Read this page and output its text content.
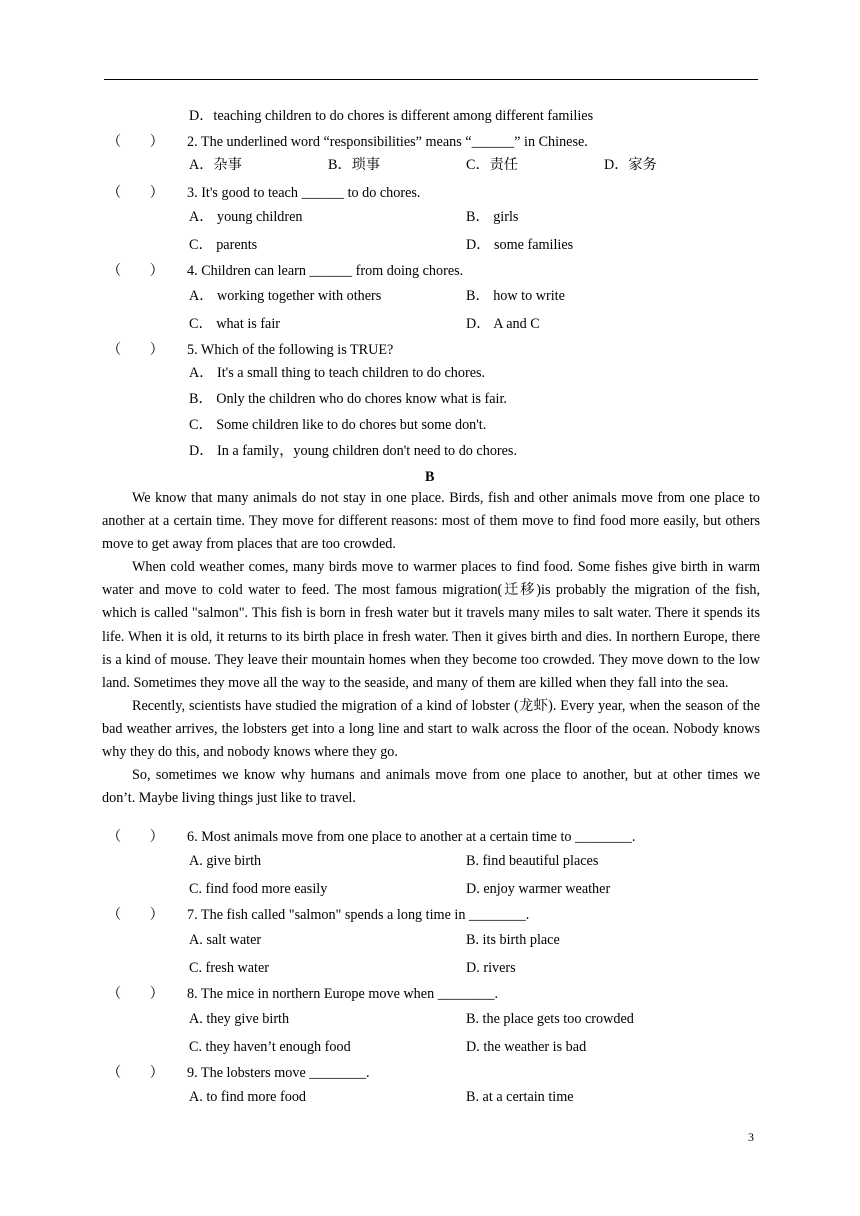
D．teaching children to do chores is different among different families
（　　） 2. The underlined word “responsibilities” means “______” in Chinese.
A．杂事	B．琐事	C．责任	D．家务
（　　） 3. It's good to teach ______ to do chores.
A． young children	B． girls
C． parents	D． some families
（　　） 4. Children can learn ______ from doing chores.
A． working together with others	B． how to write
C． what is fair	D． A and C
（　　） 5. Which of the following is TRUE?
A． It's a small thing to teach children to do chores.
B． Only the children who do chores know what is fair.
C． Some children like to do chores but some don't.
D． In a family，young children don't need to do chores.
B

We know that many animals do not stay in one place. Birds, fish and other animals move from one place to another at a certain time. They move for different reasons: most of them move to find food more easily, but others move to get away from places that are too crowded.

When cold weather comes, many birds move to warmer places to find food. Some fishes give birth in warm water and move to cold water to feed. The most famous migration(迁移)is probably the migration of the fish, which is called "salmon". This fish is born in fresh water but it travels many miles to salt water. There it spends its life. When it is old, it returns to its birth place in fresh water. Then it gives birth and dies. In northern Europe, there is a kind of mouse. They leave their mountain homes when they become too crowded. They move down to the low land. Sometimes they move all the way to the seaside, and many of them are killed when they fall into the sea.

Recently, scientists have studied the migration of a kind of lobster (龙虾). Every year, when the season of the bad weather arrives, the lobsters get into a long line and start to walk across the floor of the ocean. Nobody knows why they do this, and nobody knows where they go.

So, sometimes we know why humans and animals move from one place to another, but at other times we don’t. Maybe living things just like to travel.

（　　） 6. Most animals move from one place to another at a certain time to ________.
A. give birth	B. find beautiful places
C. find food more easily	D. enjoy warmer weather
（　　） 7. The fish called "salmon" spends a long time in ________.
A. salt water	B. its birth place
C. fresh water	D. rivers
（　　） 8. The mice in northern Europe move when ________.
A. they give birth	B. the place gets too crowded
C. they haven’t enough food	D. the weather is bad
（　　） 9. The lobsters move ________.
A. to find more food	B. at a certain time
3
